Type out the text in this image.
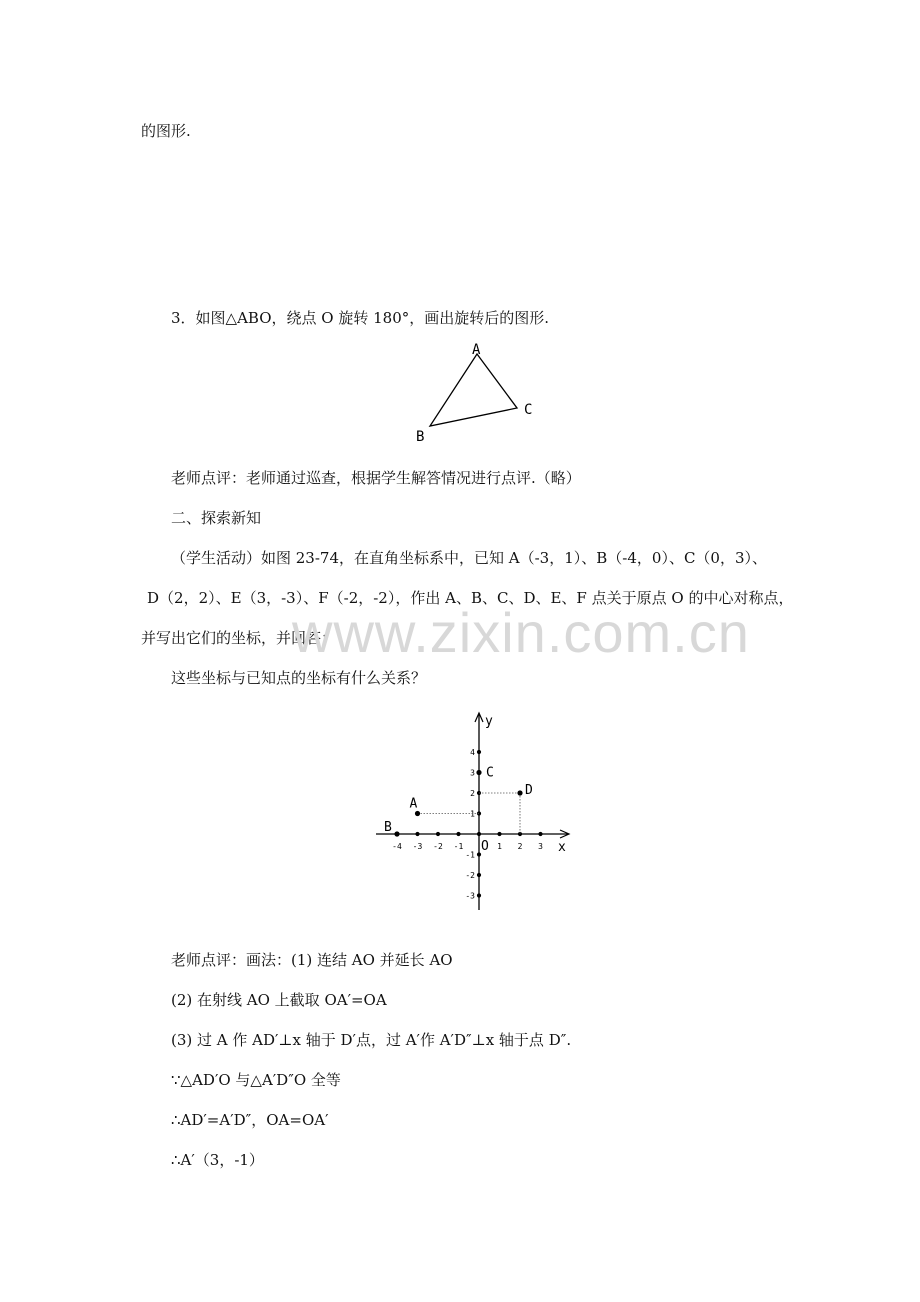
的图形.
3．如图△ABO，绕点 O 旋转 180°，画出旋转后的图形.
A
C
B
老师点评：老师通过巡查，根据学生解答情况进行点评.（略）
二、探索新知
（学生活动）如图 23-74，在直角坐标系中，已知 A（-3，1）、B（-4，0）、C（0，3）、
D（2，2）、E（3，-3）、F（-2，-2），作出 A、B、C、D、E、F 点关于原点 O 的中心对称点，
并写出它们的坐标，并回答：
www.zixin.com.cn
这些坐标与已知点的坐标有什么关系？
x
y
O
-4 -3 -2 -1	1 2 3
4
3
2
1
-1
-2
-3
A
B
C
D
老师点评：画法：(1) 连结 AO 并延长 AO
(2) 在射线 AO 上截取 OA′=OA
(3) 过 A 作 AD′⊥x 轴于 D′点，过 A′作 A′D″⊥x 轴于点 D″.
∵△AD′O 与△A′D″O 全等
∴AD′=A′D″，OA=OA′
∴A′（3，-1）
